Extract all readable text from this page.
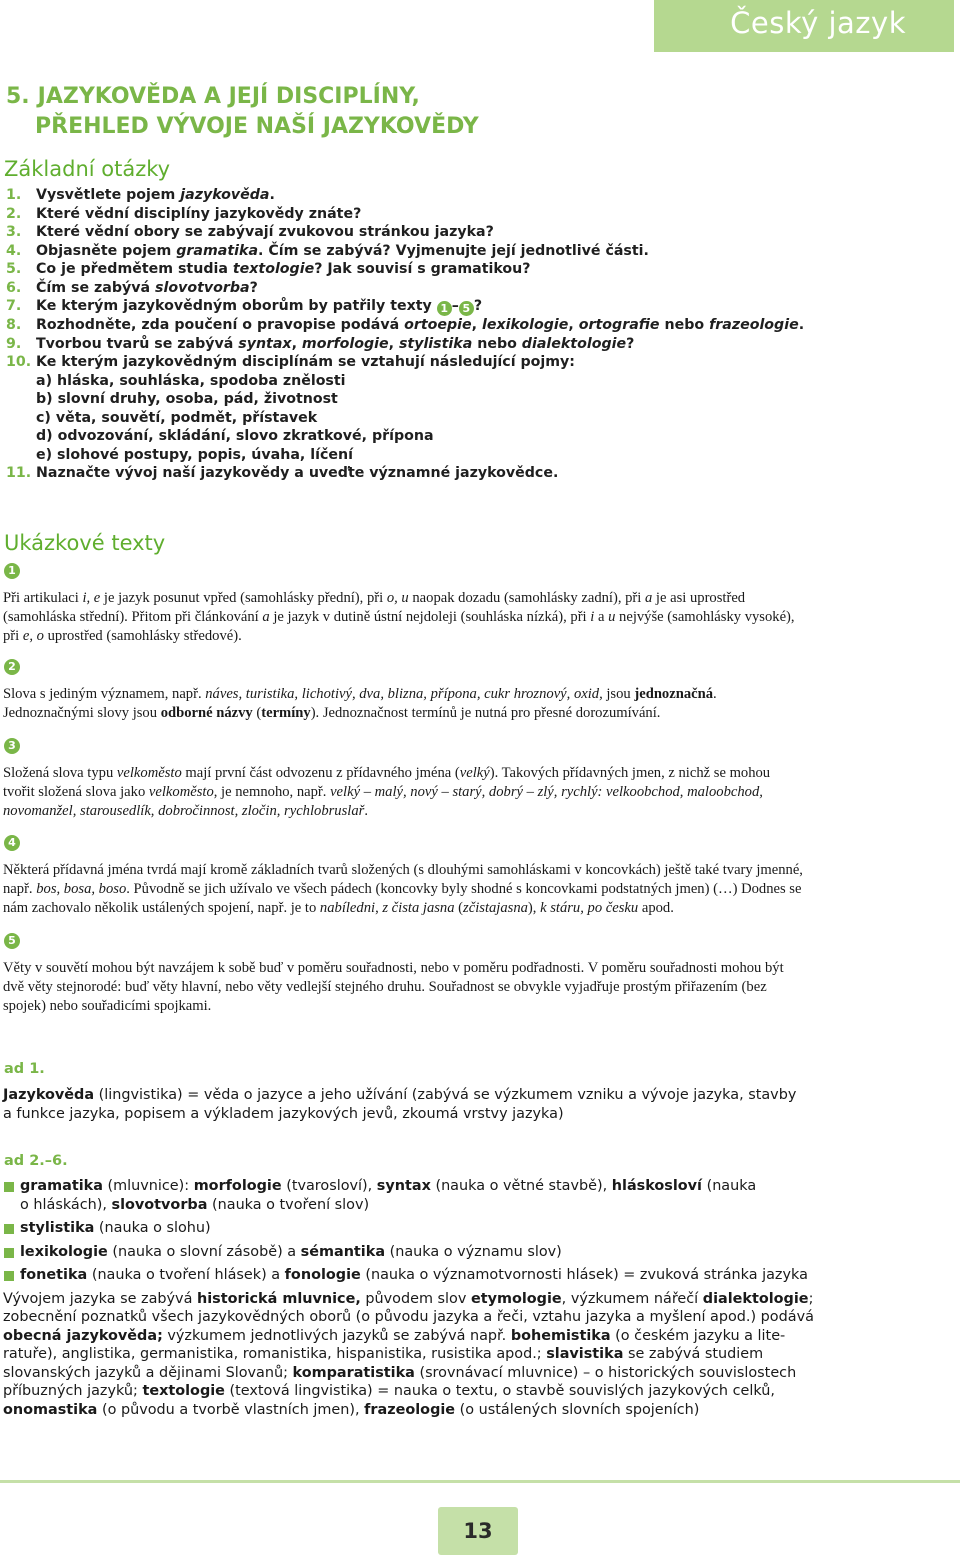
Český jazyk
5. JAZYKOVĚDA A JEJÍ DISCIPLÍNY,
PŘEHLED VÝVOJE NAŠÍ JAZYKOVĚDY
Základní otázky
1. Vysvětlete pojem jazykověda.
2. Které vědní disciplíny jazykovědy znáte?
3. Které vědní obory se zabývají zvukovou stránkou jazyka?
4. Objasněte pojem gramatika. Čím se zabývá? Vyjmenujte její jednotlivé části.
5. Co je předmětem studia textologie? Jak souvisí s gramatikou?
6. Čím se zabývá slovotvorba?
7. Ke kterým jazykovědným oborům by patřily texty 1 – 5 ?
8. Rozhodněte, zda poučení o pravopise podává ortoepie, lexikologie, ortografie nebo frazeologie.
9. Tvorbou tvarů se zabývá syntax, morfologie, stylistika nebo dialektologie?
10. Ke kterým jazykovědným disciplínám se vztahují následující pojmy:
a) hláska, souhláska, spodoba znělosti
b) slovní druhy, osoba, pád, životnost
c) věta, souvětí, podmět, přístavek
d) odvozování, skládání, slovo zkratkové, přípona
e) slohové postupy, popis, úvaha, líčení
11. Naznačte vývoj naší jazykovědy a uveďte významné jazykovědce.
Ukázkové texty
1
Při artikulaci i, e je jazyk posunut vpřed (samohlásky přední), při o, u naopak dozadu (samohlásky zadní), při a je asi uprostřed
(samohláska střední). Přitom při článkování a je jazyk v dutině ústní nejdoleji (souhláska nízká), při i a u nejvýše (samohlásky vysoké),
při e, o uprostřed (samohlásky středové).
2
Slova s jediným významem, např. náves, turistika, lichotivý, dva, blizna, přípona, cukr hroznový, oxid, jsou jednoznačná.
Jednoznačnými slovy jsou odborné názvy (termíny). Jednoznačnost termínů je nutná pro přesné dorozumívání.
3
Složená slova typu velkoměsto mají první část odvozenu z přídavného jména (velký). Takových přídavných jmen, z nichž se mohou
tvořit složená slova jako velkoměsto, je nemnoho, např. velký – malý, nový – starý, dobrý – zlý, rychlý: velkoobchod, maloobchod,
novomanžel, starousedlík, dobročinnost, zločin, rychlobruslař.
4
Některá přídavná jména tvrdá mají kromě základních tvarů složených (s dlouhými samohláskami v koncovkách) ještě také tvary jmenné,
např. bos, bosa, boso. Původně se jich užívalo ve všech pádech (koncovky byly shodné s koncovkami podstatných jmen) (…) Dodnes se
nám zachovalo několik ustálených spojení, např. je to nabíledni, z čista jasna (zčistajasna), k stáru, po česku apod.
5
Věty v souvětí mohou být navzájem k sobě buď v poměru souřadnosti, nebo v poměru podřadnosti. V poměru souřadnosti mohou být
dvě věty stejnorodé: buď věty hlavní, nebo věty vedlejší stejného druhu. Souřadnost se obvykle vyjadřuje prostým přiřazením (bez
spojek) nebo souřadicími spojkami.
ad 1.
Jazykověda (lingvistika) = věda o jazyce a jeho užívání (zabývá se výzkumem vzniku a vývoje jazyka, stavby
a funkce jazyka, popisem a výkladem jazykových jevů, zkoumá vrstvy jazyka)
ad 2.–6.
gramatika (mluvnice): morfologie (tvarosloví), syntax (nauka o větné stavbě), hláskosloví (nauka
o hláskách), slovotvorba (nauka o tvoření slov)
stylistika (nauka o slohu)
lexikologie (nauka o slovní zásobě) a sémantika (nauka o významu slov)
fonetika (nauka o tvoření hlásek) a fonologie (nauka o významotvornosti hlásek) = zvuková stránka jazyka
Vývojem jazyka se zabývá historická mluvnice, původem slov etymologie, výzkumem nářečí dialektologie;
zobecnění poznatků všech jazykovědných oborů (o původu jazyka a řeči, vztahu jazyka a myšlení apod.) podává
obecná jazykověda; výzkumem jednotlivých jazyků se zabývá např. bohemistika (o českém jazyku a lite-
ratuře), anglistika, germanistika, romanistika, hispanistika, rusistika apod.; slavistika se zabývá studiem
slovanských jazyků a dějinami Slovanů; komparatistika (srovnávací mluvnice) – o historických souvislostech
příbuzných jazyků; textologie (textová lingvistika) = nauka o textu, o stavbě souvislých jazykových celků,
onomastika (o původu a tvorbě vlastních jmen), frazeologie (o ustálených slovních spojeních)
13
